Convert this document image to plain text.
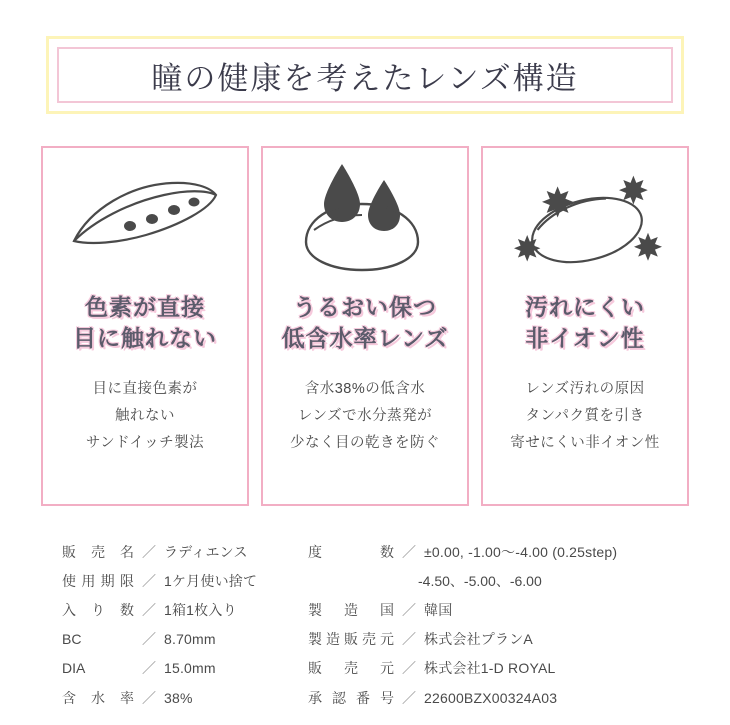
瞳の健康を考えたレンズ構造
色素が直接
目に触れない
目に直接色素が
触れない
サンドイッチ製法
うるおい保つ
低含水率レンズ
含水38%の低含水
レンズで水分蒸発が
少なく目の乾きを防ぐ
汚れにくい
非イオン性
レンズ汚れの原因
タンパク質を引き
寄せにくい非イオン性
販売名 ／ ラディエンス
使用期限 ／ 1ケ月使い捨て
入り数 ／ 1箱1枚入り
BC	／ 8.70mm
DIA	／ 15.0mm
含水率 ／ 38%
度数 ／ ±0.00, -1.00〜-4.00 (0.25step)
-4.50、-5.00、-6.00
製造国 ／ 韓国
製造販売元 ／ 株式会社プランA
販売元 ／ 株式会社1-D ROYAL
承認番号 ／ 22600BZX00324A03
